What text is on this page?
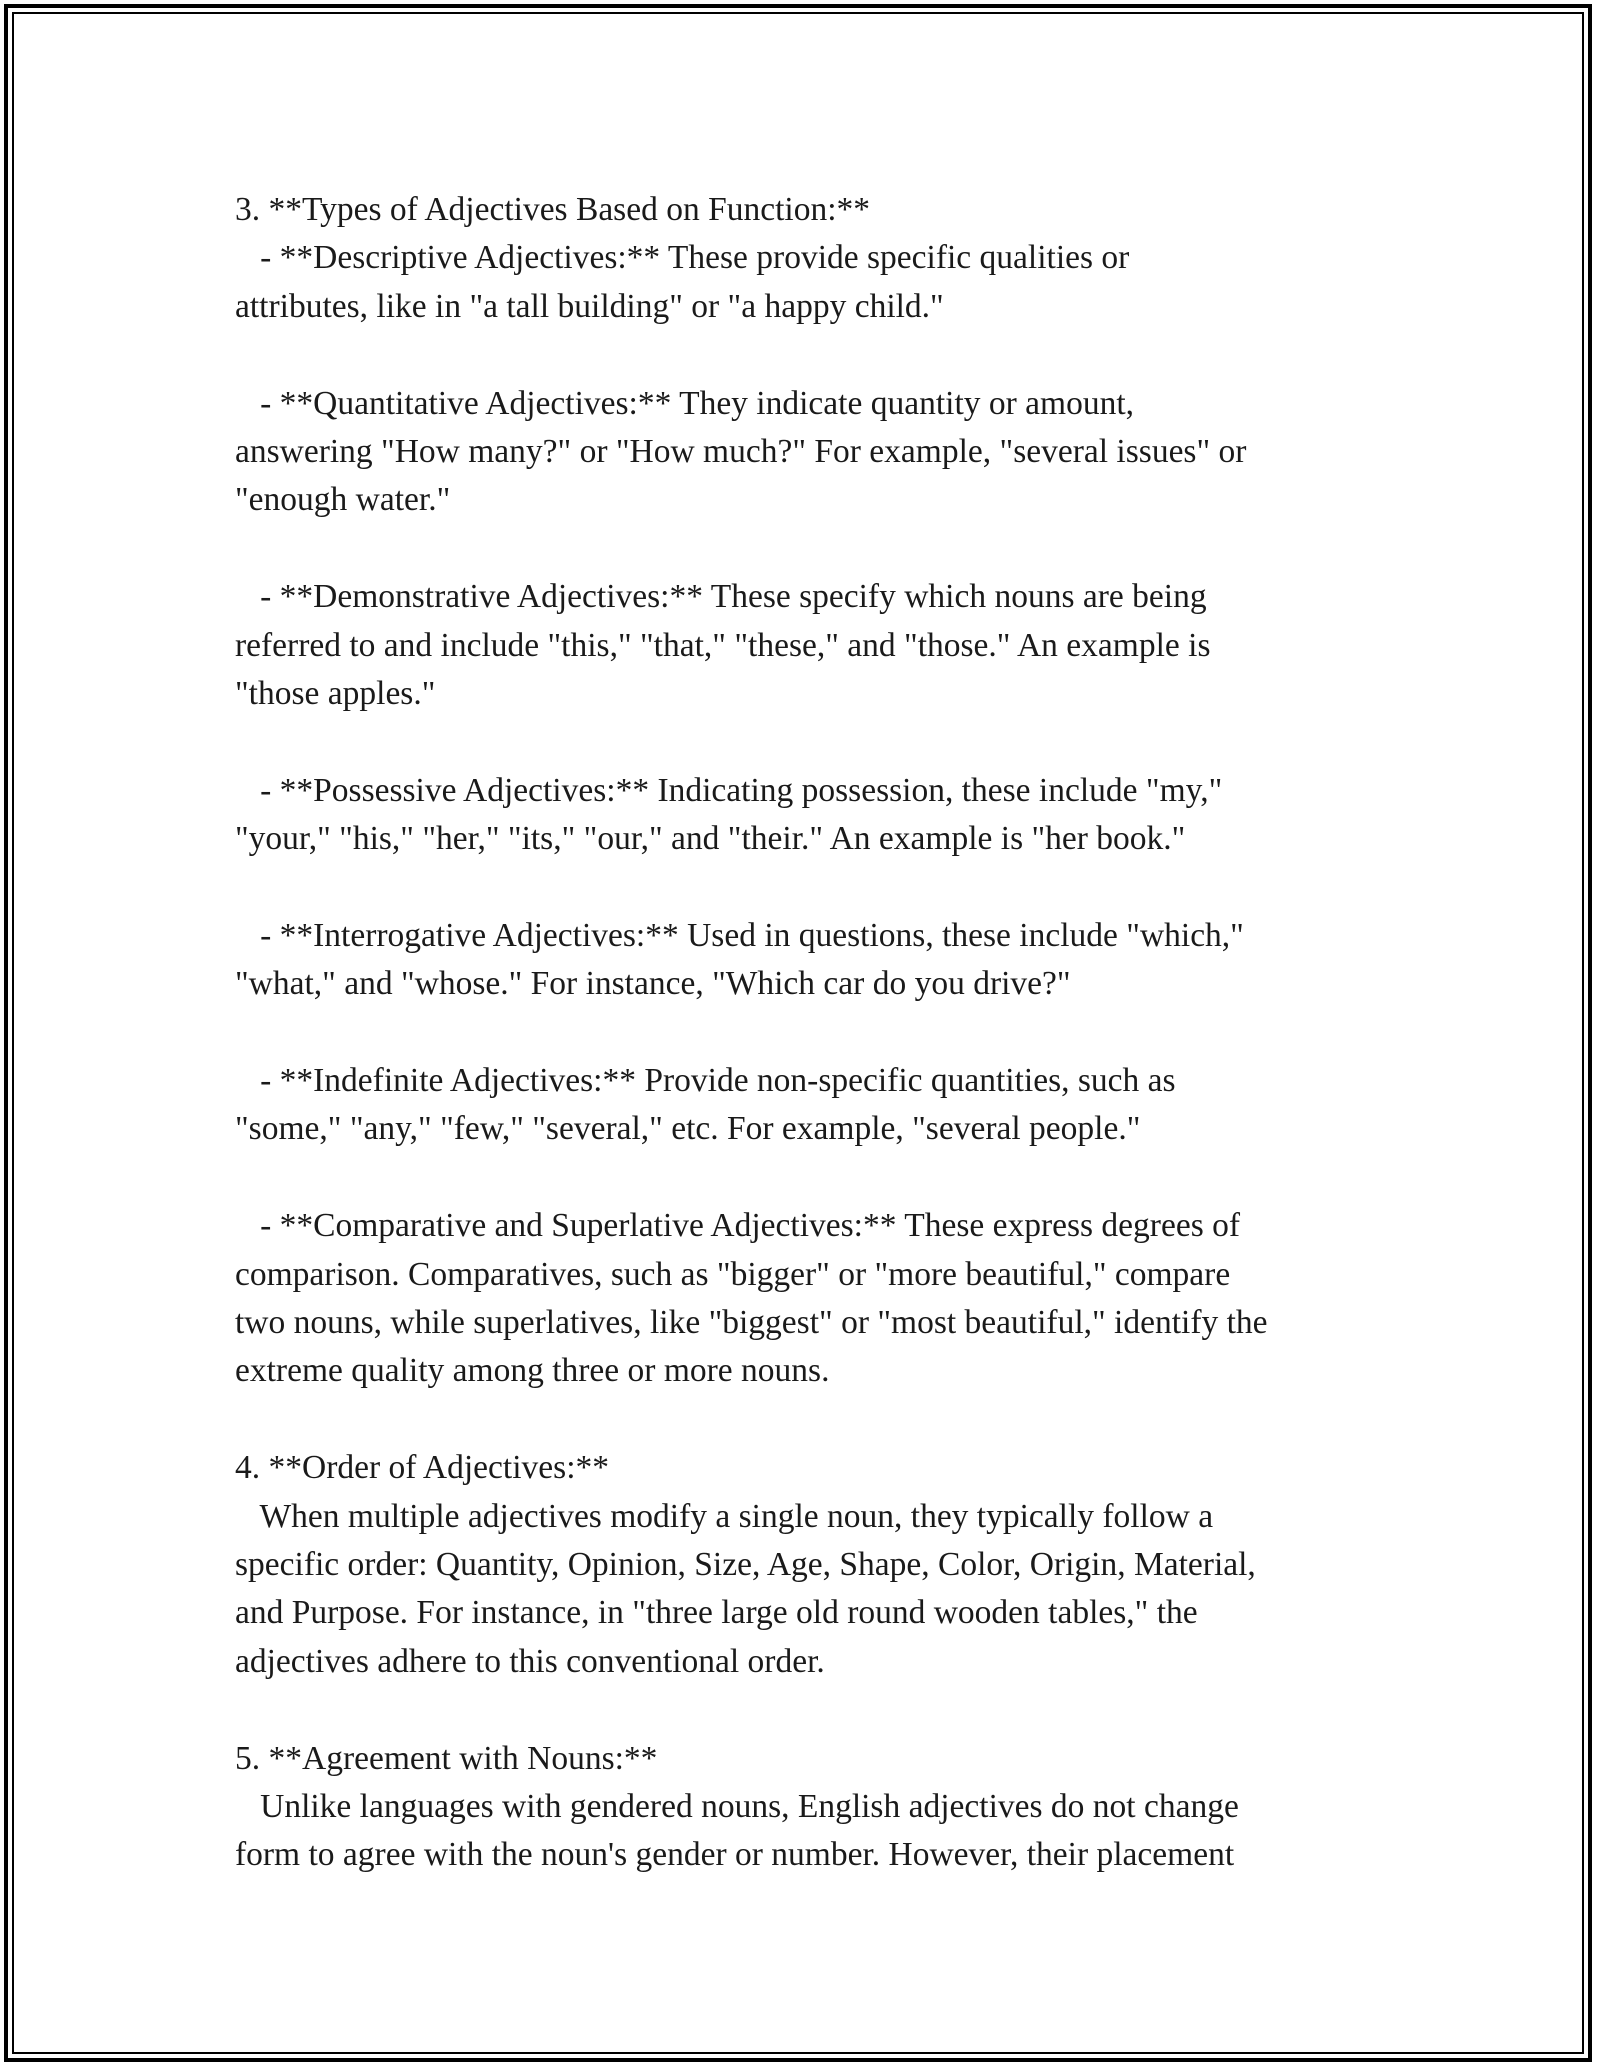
3. **Types of Adjectives Based on Function:**
- **Descriptive Adjectives:** These provide specific qualities or
attributes, like in "a tall building" or "a happy child."
- **Quantitative Adjectives:** They indicate quantity or amount,
answering "How many?" or "How much?" For example, "several issues" or
"enough water."
- **Demonstrative Adjectives:** These specify which nouns are being
referred to and include "this," "that," "these," and "those." An example is
"those apples."
- **Possessive Adjectives:** Indicating possession, these include "my,"
"your," "his," "her," "its," "our," and "their." An example is "her book."
- **Interrogative Adjectives:** Used in questions, these include "which,"
"what," and "whose." For instance, "Which car do you drive?"
- **Indefinite Adjectives:** Provide non-specific quantities, such as
"some," "any," "few," "several," etc. For example, "several people."
- **Comparative and Superlative Adjectives:** These express degrees of
comparison. Comparatives, such as "bigger" or "more beautiful," compare
two nouns, while superlatives, like "biggest" or "most beautiful," identify the
extreme quality among three or more nouns.
4. **Order of Adjectives:**
When multiple adjectives modify a single noun, they typically follow a
specific order: Quantity, Opinion, Size, Age, Shape, Color, Origin, Material,
and Purpose. For instance, in "three large old round wooden tables," the
adjectives adhere to this conventional order.
5. **Agreement with Nouns:**
Unlike languages with gendered nouns, English adjectives do not change
form to agree with the noun's gender or number. However, their placement
